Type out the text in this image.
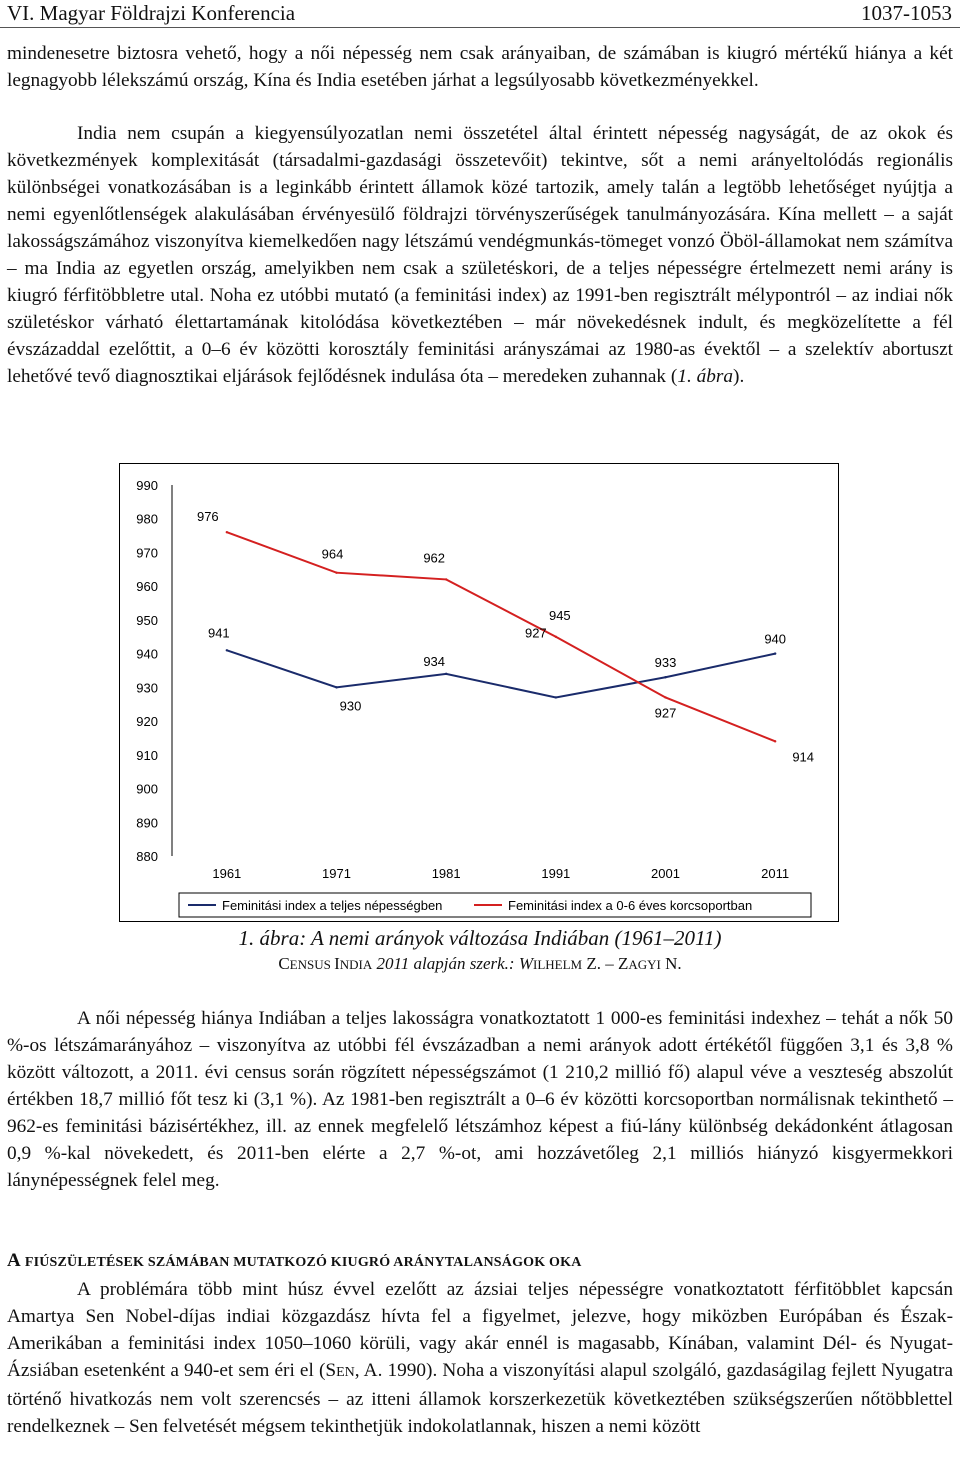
VI. Magyar Földrajzi Konferencia	1037-1053

mindenesetre biztosra vehető, hogy a női népesség nem csak arányaiban, de számában is kiugró mértékű hiánya a két legnagyobb lélekszámú ország, Kína és India esetében járhat a legsúlyosabb következményekkel.

India nem csupán a kiegyensúlyozatlan nemi összetétel által érintett népesség nagyságát, de az okok és következmények komplexitását (társadalmi-gazdasági összetevőit) tekintve, sőt a nemi arányeltolódás regionális különbségei vonatkozásában is a leginkább érintett államok közé tartozik, amely talán a legtöbb lehetőséget nyújtja a nemi egyenlőtlenségek alakulásában érvényesülő földrajzi törvényszerűségek tanulmányozására. Kína mellett – a saját lakosságszámához viszonyítva kiemelkedően nagy létszámú vendégmunkás-tömeget vonzó Öböl-államokat nem számítva – ma India az egyetlen ország, amelyikben nem csak a születéskori, de a teljes népességre értelmezett nemi arány is kiugró férfitöbbletre utal. Noha ez utóbbi mutató (a feminitási index) az 1991-ben regisztrált mélypontról – az indiai nők születéskor várható élettartamának kitolódása következtében – már növekedésnek indult, és megközelítette a fél évszázaddal ezelőttit, a 0–6 év közötti korosztály feminitási arányszámai az 1980-as évektől – a szelektív abortuszt lehetővé tevő diagnosztikai eljárások fejlődésnek indulása óta – meredeken zuhannak (1. ábra).

990
980
970
960
950
940
930
920
910
900
890
880
1961	1971	1981	1991	2001	2011
941
930
934
927
933
940
976
964	962
945
927
914
Feminitási index a teljes népességben	Feminitási index a 0-6 éves korcsoportban

1. ábra: A nemi arányok változása Indiában (1961–2011)

CENSUS INDIA 2011 alapján szerk.: WILHELM Z. – ZAGYI N.

A női népesség hiánya Indiában a teljes lakosságra vonatkoztatott 1 000-es feminitási indexhez – tehát a nők 50 %-os létszámarányához – viszonyítva az utóbbi fél évszázadban a nemi arányok adott értékétől függően 3,1 és 3,8 % között változott, a 2011. évi census során rögzített népességszámot (1 210,2 millió fő) alapul véve a veszteség abszolút értékben 18,7 millió főt tesz ki (3,1 %). Az 1981-ben regisztrált a 0–6 év közötti korcsoportban normálisnak tekinthető – 962-es feminitási bázisértékhez, ill. az ennek megfelelő létszámhoz képest a fiú-lány különbség dekádonként átlagosan 0,9 %-kal növekedett, és 2011-ben elérte a 2,7 %-ot, ami hozzávetőleg 2,1 milliós hiányzó kisgyermekkori lánynépességnek felel meg.

A FIÚSZÜLETÉSEK SZÁMÁBAN MUTATKOZÓ KIUGRÓ ARÁNYTALANSÁGOK OKA

A problémára több mint húsz évvel ezelőtt az ázsiai teljes népességre vonatkoztatott férfitöbblet kapcsán Amartya Sen Nobel-díjas indiai közgazdász hívta fel a figyelmet, jelezve, hogy miközben Európában és Észak-Amerikában a feminitási index 1050–1060 körüli, vagy akár ennél is magasabb, Kínában, valamint Dél- és Nyugat-Ázsiában esetenként a 940-et sem éri el (SEN, A. 1990). Noha a viszonyítási alapul szolgáló, gazdaságilag fejlett Nyugatra történő hivatkozás nem volt szerencsés – az itteni államok korszerkezetük következtében szükségszerűen nőtöbblettel rendelkeznek – Sen felvetését mégsem tekinthetjük indokolatlannak, hiszen a nemi között
